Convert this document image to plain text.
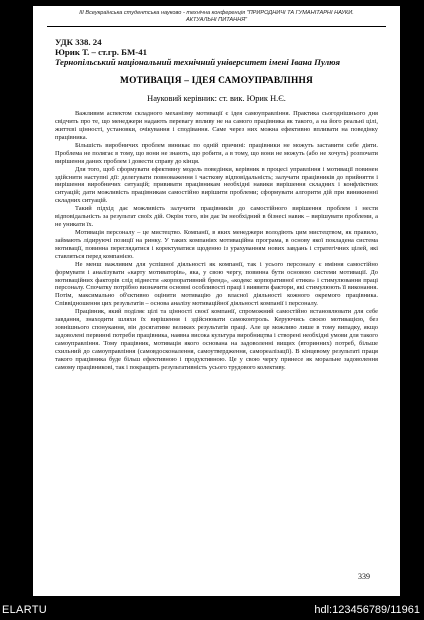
III Всеукраїнська студентська науково - технічна конференція "ПРИРОДНИЧІ ТА ГУМАНІТАРНІ НАУКИ.
АКТУАЛЬНІ ПИТАННЯ"
УДК 338. 24
Юрик Т. – ст.гр. БМ-41
Тернопільський національний технічний університет імені Івана Пулюя
МОТИВАЦІЯ – ІДЕЯ САМОУПРАВЛІННЯ
Науковий керівник: ст. вик. Юрик Н.Є.

Важливим аспектом складного механізму мотивації є ідея самоуправління. Практика сьогоднішнього дня свідчить про те, що менеджери надають перевагу впливу не на самого працівника як такого, а на його реальні цілі, життєві цінності, установки, очікування і сподівання. Саме через них можна ефективно впливати на поведінку працівника.

Більшість виробничих проблем виникає по одній причині: працівники не можуть заставити себе діяти. Проблема не полягає в тому, що вони не знають, що робити, а в тому, що вони не можуть (або не хочуть) розпочати вирішення даних проблем і довести справу до кінця.

Для того, щоб сформувати ефективну модель поведінки, керівник в процесі управління і мотивації повинен здійснити наступні дії: делегувати повноваження і часткову відповідальність; залучати працівників до прийняття і вирішення виробничих ситуацій; прививати працівникам необхідні навики вирішення складних і конфліктних ситуацій; дати можливість працівникам самостійно вирішити проблеми; сформувати алгоритм дій при виникненні складних ситуацій.

Такий підхід дає можливість залучити працівників до самостійного вирішення проблем і нести відповідальність за результат своїх дій. Окрім того, він дає їм необхідний в бізнесі навик – вирішувати проблеми, а не уникати їх.

Мотивація персоналу – це мистецтво. Компанії, в яких менеджери володіють цим мистецтвом, як правило, займають лідируючі позиції на ринку. У таких компаніях мотиваційна програма, в основу якої покладена система мотивації, повинна переглядатися і коректуватися щоденно із урахуванням нових завдань і стратегічних цілей, які ставляться перед компанією.

Не менш важливим для успішної діяльності як компанії, так і усього персоналу є вміння самостійно формувати і аналізувати «карту мотиваторів», яка, у свою чергу, повинна бути основою системи мотивації. До мотиваційних факторів слід віднести «корпоративний бренд», «кодекс корпоративної етики» і стимулювання праці персоналу. Спочатку потрібно визначити основні особливості праці і виявити фактори, які стимулюють її виконання. Потім, максимально об'єктивно оцінити мотивацію до власної діяльності кожного окремого працівника. Співвідношення цих результатів – основа аналізу мотиваційної діяльності компанії і персоналу.

Працівник, який поділяє цілі та цінності своєї компанії, спроможний самостійно встановлювати для себе завдання, знаходити шляхи їх вирішення і здійснювати самоконтроль. Керуючись своєю мотивацією, без зовнішнього спонукання, він досягатиме великих результатів праці. Але це можливо лише в тому випадку, якщо задоволені первинні потреби працівника, наявна висока культура виробництва і створені необхідні умови для такого самоуправління. Тому працівник, мотивація якого основана на задоволенні вищих (вторинних) потреб, більше схильний до самоуправління (самовдосконалення, самоутвердження, самореалізації). В кінцевому результаті праця такого працівника буде більш ефективною і продуктивною. Це у свою чергу принесе як моральне задоволення самому працівникові, так і покращить результативність усього трудового колективу.

339
ELARTU	hdl:123456789/11961
